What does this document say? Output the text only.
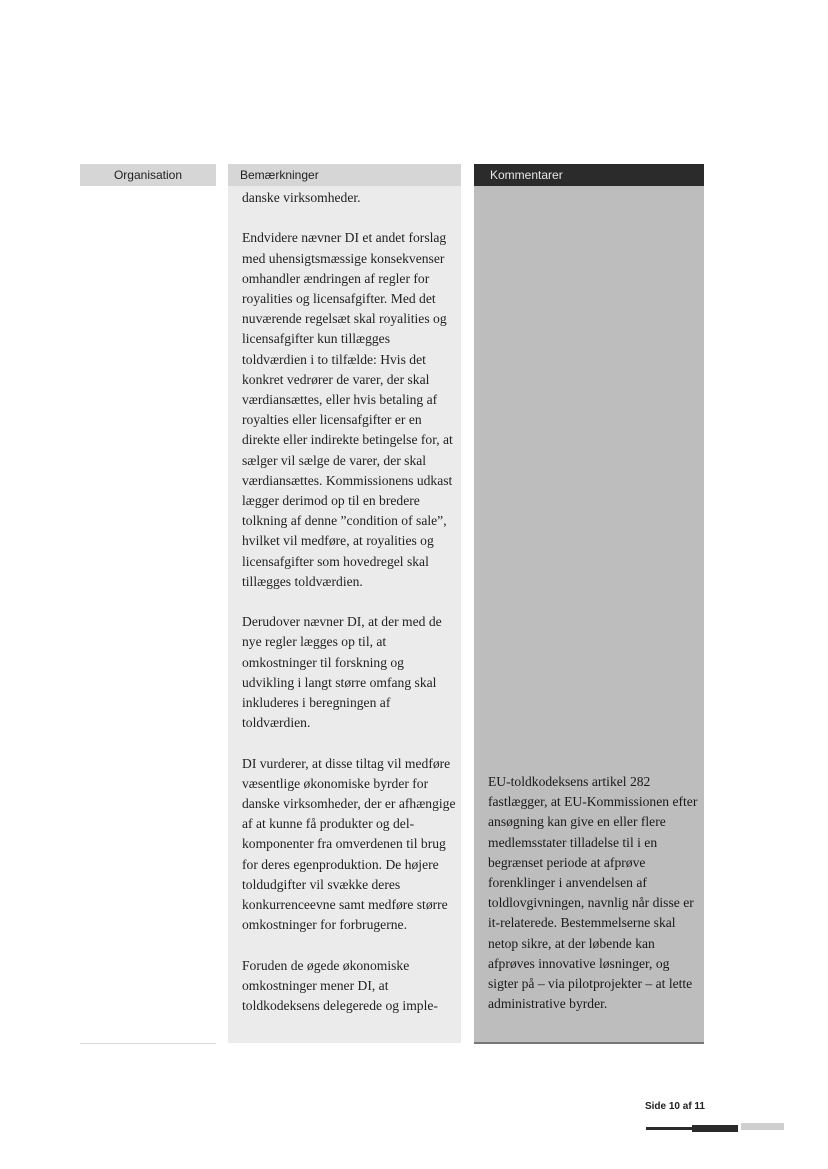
Organisation	Bemærkninger	Kommentarer

danske virksomheder.

Endvidere nævner DI et andet forslag med uhensigtsmæssige konsekvenser omhandler ændringen af regler for royalities og licensafgifter. Med det nuværende regelsæt skal royalities og licensafgifter kun tillægges toldværdien i to tilfælde: Hvis det konkret vedrører de varer, der skal værdiansættes, eller hvis betaling af royalties eller licensafgifter er en direkte eller indirekte betingelse for, at sælger vil sælge de varer, der skal værdiansættes. Kommissionens udkast lægger derimod op til en bredere tolkning af denne ”condition of sale”, hvilket vil medføre, at royalities og licensafgifter som hovedregel skal tillægges toldværdien.

Derudover nævner DI, at der med de nye regler lægges op til, at omkostninger til forskning og udvikling i langt større omfang skal inkluderes i beregningen af toldværdien.

DI vurderer, at disse tiltag vil medføre væsentlige økonomiske byrder for danske virksomheder, der er afhængige af at kunne få produkter og del-komponenter fra omverdenen til brug for deres egenproduktion. De højere toldudgifter vil svække deres konkurrenceevne samt medføre større omkostninger for forbrugerne.

Foruden de øgede økonomiske omkostninger mener DI, at toldkodeksens delegerede og imple-

EU-toldkodeksens artikel 282 fastlægger, at EU-Kommissionen efter ansøgning kan give en eller flere medlemsstater tilladelse til i en begrænset periode at afprøve forenklinger i anvendelsen af toldlovgivningen, navnlig når disse er it-relaterede. Bestemmelserne skal netop sikre, at der løbende kan afprøves innovative løsninger, og sigter på – via pilotprojekter – at lette administrative byrder.
Side 10 af 11
